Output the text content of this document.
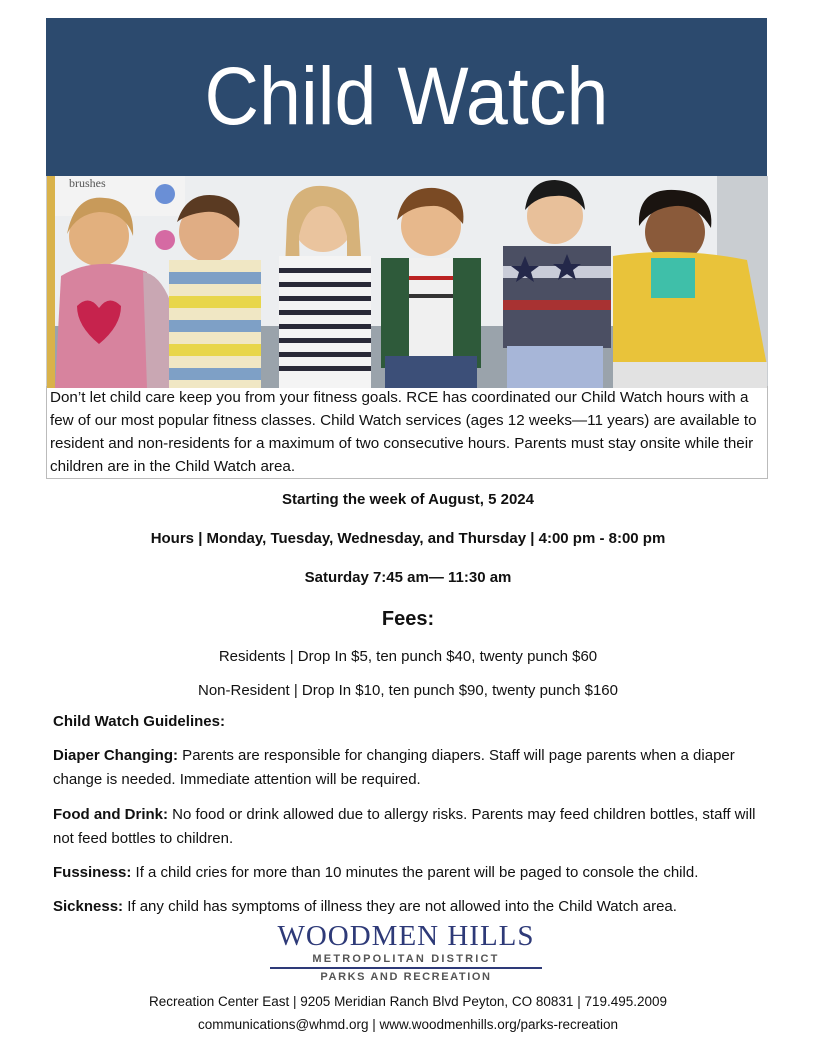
Child Watch
brushes
Don’t let child care keep you from your fitness goals. RCE has coordinated our Child Watch hours with a few of our most popular fitness classes. Child Watch services (ages 12 weeks—11 years) are available to resident and non-residents for a maximum of two consecutive hours. Parents must stay onsite while their children are in the Child Watch area.
Starting the week of August, 5 2024
Hours | Monday, Tuesday, Wednesday, and Thursday | 4:00 pm - 8:00 pm
Saturday 7:45 am— 11:30 am
Fees:
Residents | Drop In $5, ten punch $40, twenty punch $60
Non-Resident | Drop In $10, ten punch $90, twenty punch $160
Child Watch Guidelines:
Diaper Changing: Parents are responsible for changing diapers. Staff will page parents when a diaper change is needed. Immediate attention will be required.
Food and Drink: No food or drink allowed due to allergy risks. Parents may feed children bottles, staff will not feed bottles to children.
Fussiness: If a child cries for more than 10 minutes the parent will be paged to console the child.
Sickness: If any child has symptoms of illness they are not allowed into the Child Watch area.
WOODMEN HILLS
METROPOLITAN DISTRICT
PARKS AND RECREATION
Recreation Center East | 9205 Meridian Ranch Blvd Peyton, CO 80831 | 719.495.2009
communications@whmd.org | www.woodmenhills.org/parks-recreation
